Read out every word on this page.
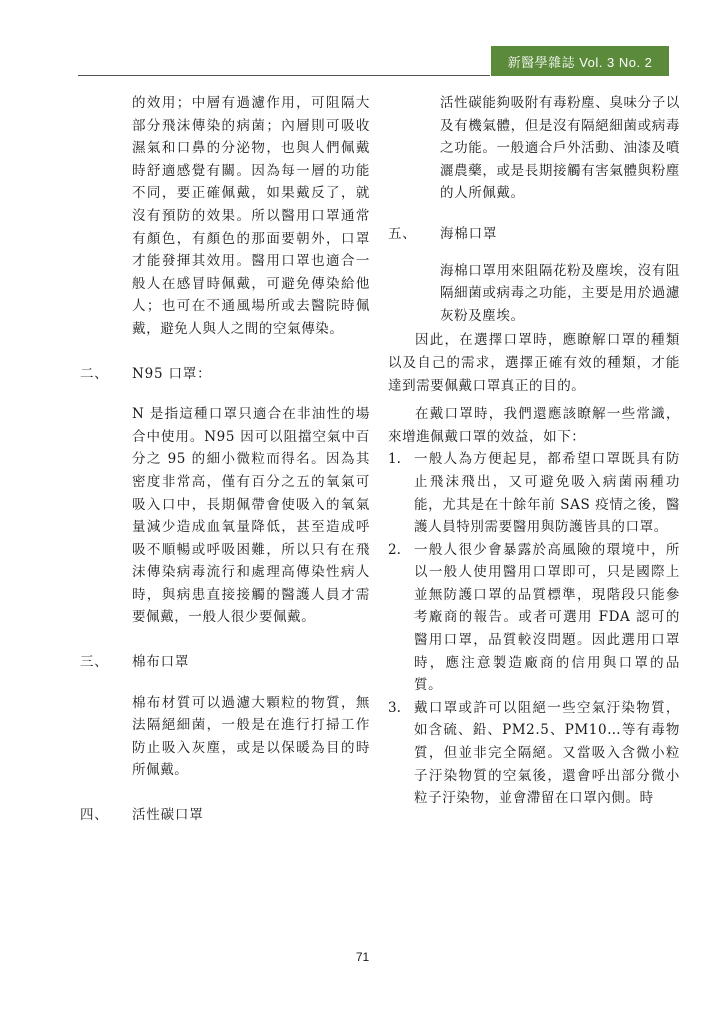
新醫學雜誌 Vol. 3 No. 2

的效用；中層有過濾作用，可阻隔大部分飛沫傳染的病菌；內層則可吸收濕氣和口鼻的分泌物，也與人們佩戴時舒適感覺有關。因為每一層的功能不同，要正確佩戴，如果戴反了，就沒有預防的效果。所以醫用口罩通常有顏色，有顏色的那面要朝外，口罩才能發揮其效用。醫用口罩也適合一般人在感冒時佩戴，可避免傳染給他人；也可在不通風場所或去醫院時佩戴，避免人與人之間的空氣傳染。

二、	N95 口罩：

N 是指這種口罩只適合在非油性的場合中使用。N95 因可以阻擋空氣中百分之 95 的細小微粒而得名。因為其密度非常高，僅有百分之五的氧氣可吸入口中，長期佩帶會使吸入的氧氣量減少造成血氧量降低，甚至造成呼吸不順暢或呼吸困難，所以只有在飛沫傳染病毒流行和處理高傳染性病人時，與病患直接接觸的醫護人員才需要佩戴，一般人很少要佩戴。

三、	棉布口罩

棉布材質可以過濾大顆粒的物質，無法隔絕細菌，一般是在進行打掃工作防止吸入灰塵，或是以保暖為目的時所佩戴。

四、	活性碳口罩

活性碳能夠吸附有毒粉塵、臭味分子以及有機氣體，但是沒有隔絕細菌或病毒之功能。一般適合戶外活動、油漆及噴灑農藥，或是長期接觸有害氣體與粉塵的人所佩戴。

五、	海棉口罩

海棉口罩用來阻隔花粉及塵埃，沒有阻隔細菌或病毒之功能，主要是用於過濾灰粉及塵埃。

因此，在選擇口罩時，應瞭解口罩的種類以及自己的需求，選擇正確有效的種類，才能達到需要佩戴口罩真正的目的。

在戴口罩時，我們還應該瞭解一些常識，來增進佩戴口罩的效益，如下：

1. 一般人為方便起見，都希望口罩既具有防止飛沫飛出，又可避免吸入病菌兩種功能，尤其是在十餘年前 SAS 疫情之後，醫護人員特別需要醫用與防護皆具的口罩。
2. 一般人很少會暴露於高風險的環境中，所以一般人使用醫用口罩即可，只是國際上並無防護口罩的品質標準，現階段只能參考廠商的報告。或者可選用 FDA 認可的醫用口罩，品質較沒問題。因此選用口罩時，應注意製造廠商的信用與口罩的品質。
3. 戴口罩或許可以阻絕一些空氣汙染物質，如含硫、鉛、PM2.5、PM10…等有毒物質，但並非完全隔絕。又當吸入含微小粒子汙染物質的空氣後，還會呼出部分微小粒子汙染物，並會滯留在口罩內側。時
71
